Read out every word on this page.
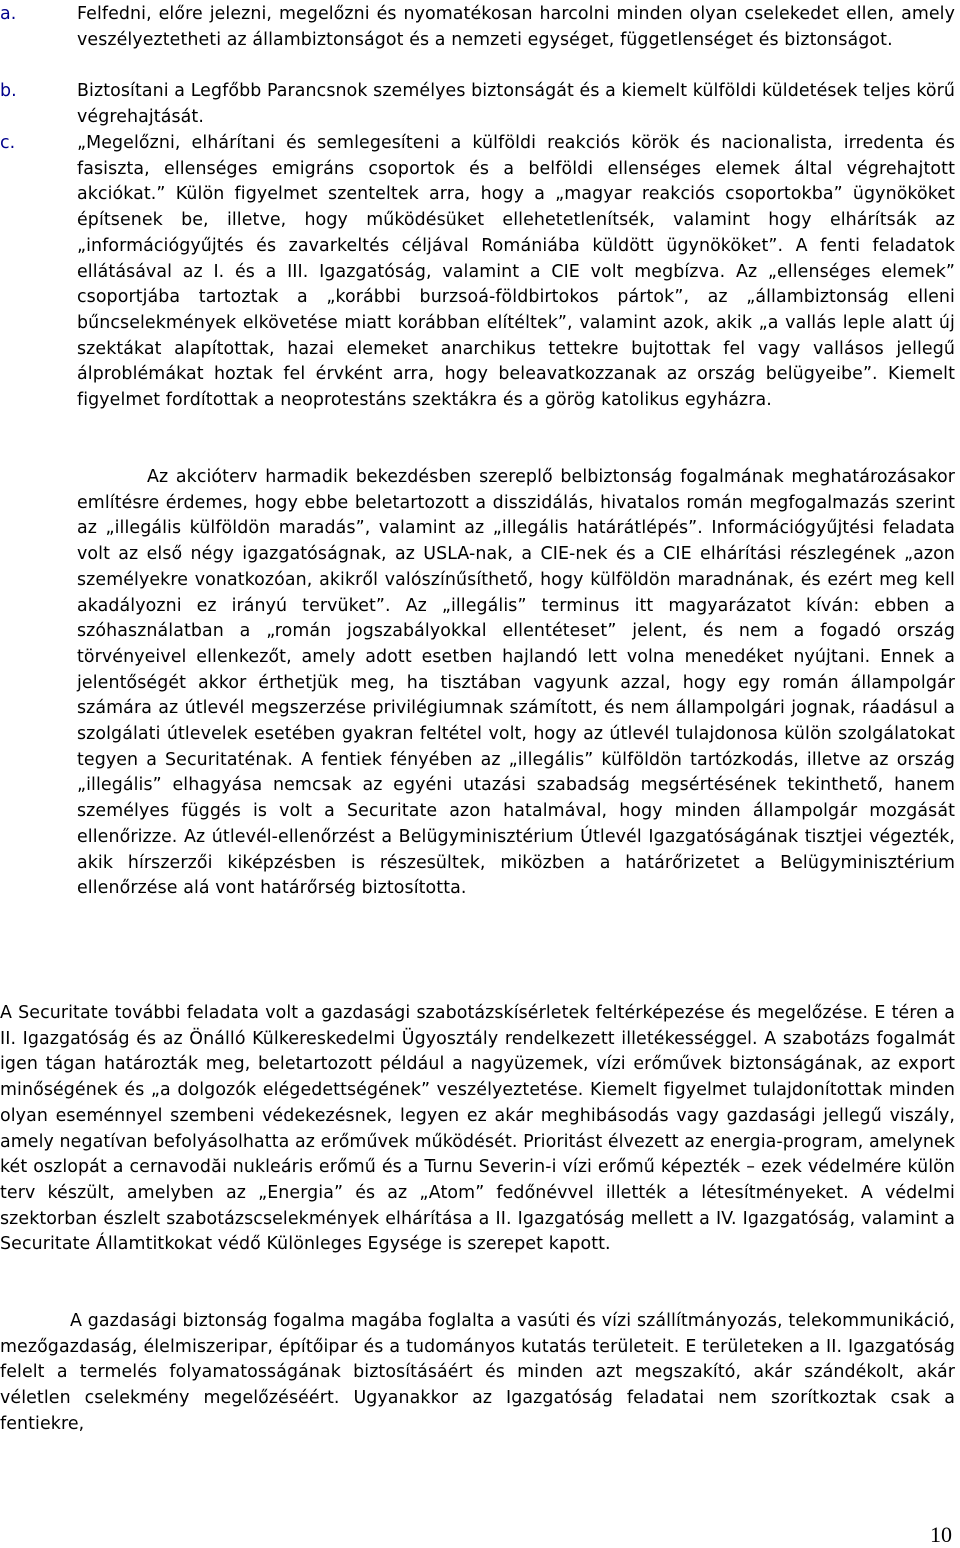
a.	Felfedni, előre jelezni, megelőzni és nyomatékosan harcolni minden olyan cselekedet ellen, amely veszélyeztetheti az állambiztonságot és a nemzeti egységet, függetlenséget és biztonságot.

b.	Biztosítani a Legfőbb Parancsnok személyes biztonságát és a kiemelt külföldi küldetések teljes körű végrehajtását.

c.	„Megelőzni, elhárítani és semlegesíteni a külföldi reakciós körök és nacionalista, irredenta és fasiszta, ellenséges emigráns csoportok és a belföldi ellenséges elemek által végrehajtott akciókat.” Külön figyelmet szenteltek arra, hogy a „magyar reakciós csoportokba” ügynököket építsenek be, illetve, hogy működésüket ellehetetlenítsék, valamint hogy elhárítsák az „információgyűjtés és zavarkeltés céljával Romániába küldött ügynököket”. A fenti feladatok ellátásával az I. és a III. Igazgatóság, valamint a CIE volt megbízva. Az „ellenséges elemek” csoportjába tartoztak a „korábbi burzsoá-földbirtokos pártok”, az „állambiztonság elleni bűncselekmények elkövetése miatt korábban elítéltek”, valamint azok, akik „a vallás leple alatt új szektákat alapítottak, hazai elemeket anarchikus tettekre bujtottak fel vagy vallásos jellegű álproblémákat hoztak fel érvként arra, hogy beleavatkozzanak az ország belügyeibe”. Kiemelt figyelmet fordítottak a neoprotestáns szektákra és a görög katolikus egyházra.

Az akcióterv harmadik bekezdésben szereplő belbiztonság fogalmának meghatározásakor említésre érdemes, hogy ebbe beletartozott a disszidálás, hivatalos román megfogalmazás szerint az „illegális külföldön maradás”, valamint az „illegális határátlépés”. Információgyűjtési feladata volt az első négy igazgatóságnak, az USLA-nak, a CIE-nek és a CIE elhárítási részlegének „azon személyekre vonatkozóan, akikről valószínűsíthető, hogy külföldön maradnának, és ezért meg kell akadályozni ez irányú tervüket”. Az „illegális” terminus itt magyarázatot kíván: ebben a szóhasználatban a „román jogszabályokkal ellentéteset” jelent, és nem a fogadó ország törvényeivel ellenkezőt, amely adott esetben hajlandó lett volna menedéket nyújtani. Ennek a jelentőségét akkor érthetjük meg, ha tisztában vagyunk azzal, hogy egy román állampolgár számára az útlevél megszerzése privilégiumnak számított, és nem állampolgári jognak, ráadásul a szolgálati útlevelek esetében gyakran feltétel volt, hogy az útlevél tulajdonosa külön szolgálatokat tegyen a Securitaténak. A fentiek fényében az „illegális” külföldön tartózkodás, illetve az ország „illegális” elhagyása nemcsak az egyéni utazási szabadság megsértésének tekinthető, hanem személyes függés is volt a Securitate azon hatalmával, hogy minden állampolgár mozgását ellenőrizze. Az útlevél-ellenőrzést a Belügyminisztérium Útlevél Igazgatóságának tisztjei végezték, akik hírszerzői kiképzésben is részesültek, miközben a határőrizetet a Belügyminisztérium ellenőrzése alá vont határőrség biztosította.

A Securitate további feladata volt a gazdasági szabotázskísérletek feltérképezése és megelőzése. E téren a II. Igazgatóság és az Önálló Külkereskedelmi Ügyosztály rendelkezett illetékességgel. A szabotázs fogalmát igen tágan határozták meg, beletartozott például a nagyüzemek, vízi erőművek biztonságának, az export minőségének és „a dolgozók elégedettségének” veszélyeztetése. Kiemelt figyelmet tulajdonítottak minden olyan eseménnyel szembeni védekezésnek, legyen ez akár meghibásodás vagy gazdasági jellegű viszály, amely negatívan befolyásolhatta az erőművek működését. Prioritást élvezett az energia-program, amelynek két oszlopát a cernavodăi nukleáris erőmű és a Turnu Severin-i vízi erőmű képezték – ezek védelmére külön terv készült, amelyben az „Energia” és az „Atom” fedőnévvel illették a létesítményeket. A védelmi szektorban észlelt szabotázscselekmények elhárítása a II. Igazgatóság mellett a IV. Igazgatóság, valamint a Securitate Államtitkokat védő Különleges Egysége is szerepet kapott.

A gazdasági biztonság fogalma magába foglalta a vasúti és vízi szállítmányozás, telekommunikáció, mezőgazdaság, élelmiszeripar, építőipar és a tudományos kutatás területeit. E területeken a II. Igazgatóság felelt a termelés folyamatosságának biztosításáért és minden azt megszakító, akár szándékolt, akár véletlen cselekmény megelőzéséért. Ugyanakkor az Igazgatóság feladatai nem szorítkoztak csak a fentiekre,

10
